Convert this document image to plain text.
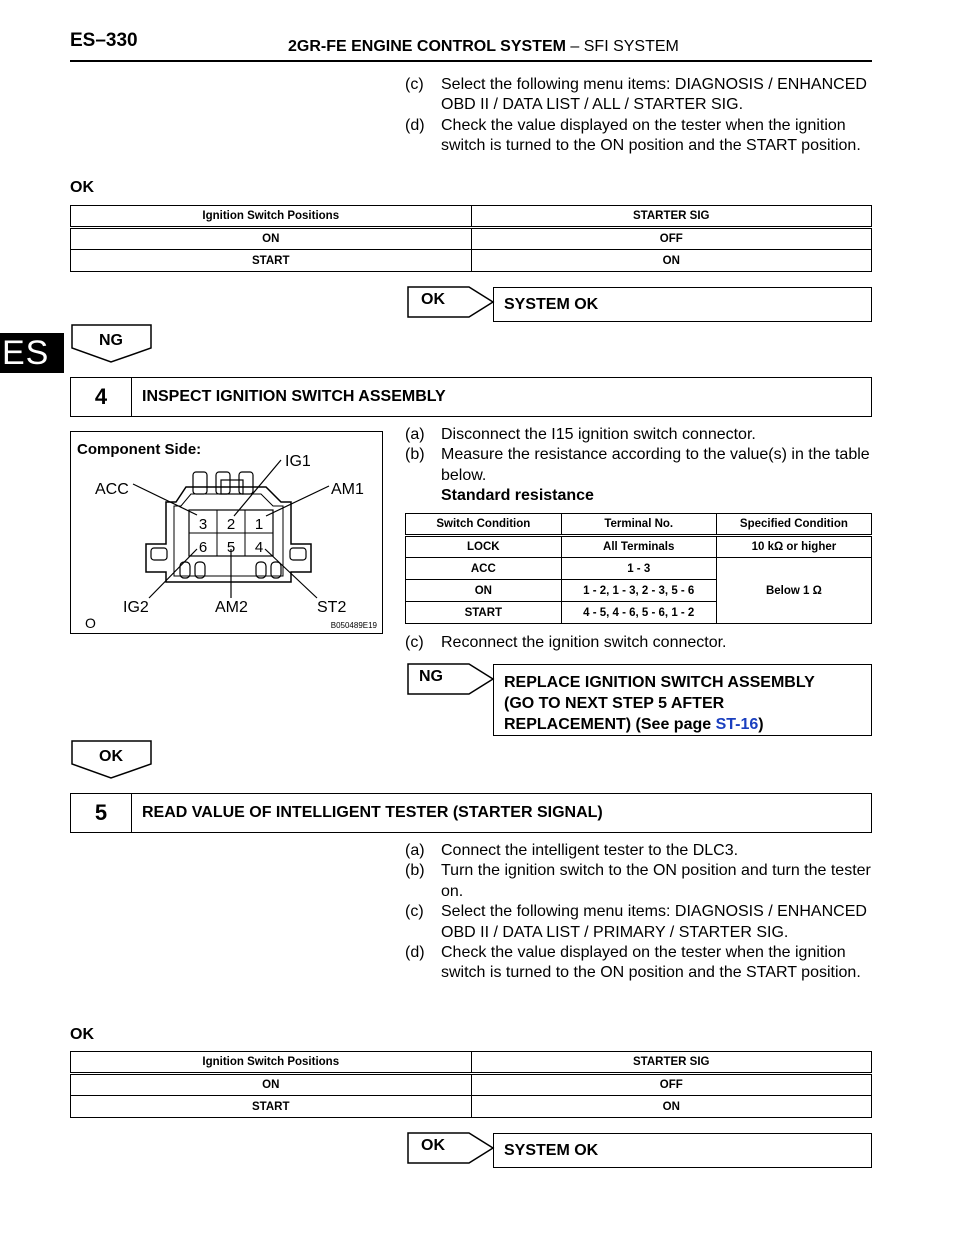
ES–330	2GR-FE ENGINE CONTROL SYSTEM – SFI SYSTEM
ES
(c) Select the following menu items: DIAGNOSIS / ENHANCED OBD II / DATA LIST / ALL / STARTER SIG.
(d) Check the value displayed on the tester when the ignition switch is turned to the ON position and the START position.
OK
Ignition Switch Positions	STARTER SIG
ON	OFF
START	ON
OK	SYSTEM OK
NG
4	INSPECT IGNITION SWITCH ASSEMBLY
Component Side:
3 2 1
6 5 4
IG1
ACC	AM1
IG2	AM2	ST2
O	B050489E19
(a) Disconnect the I15 ignition switch connector.
(b) Measure the resistance according to the value(s) in the table below.
Standard resistance
Switch Condition	Terminal No.	Specified Condition
LOCK	All Terminals	10 kΩ or higher
ACC	1 - 3	Below 1 Ω
ON	1 - 2, 1 - 3, 2 - 3, 5 - 6	
START	4 - 5, 4 - 6, 5 - 6, 1 - 2	
(c) Reconnect the ignition switch connector.
NG	REPLACE IGNITION SWITCH ASSEMBLY
(GO TO NEXT STEP 5 AFTER
REPLACEMENT) (See page ST-16)
OK
5	READ VALUE OF INTELLIGENT TESTER (STARTER SIGNAL)
(a) Connect the intelligent tester to the DLC3.
(b) Turn the ignition switch to the ON position and turn the tester on.
(c) Select the following menu items: DIAGNOSIS / ENHANCED OBD II / DATA LIST / PRIMARY / STARTER SIG.
(d) Check the value displayed on the tester when the ignition switch is turned to the ON position and the START position.
OK
Ignition Switch Positions	STARTER SIG
ON	OFF
START	ON
OK	SYSTEM OK
